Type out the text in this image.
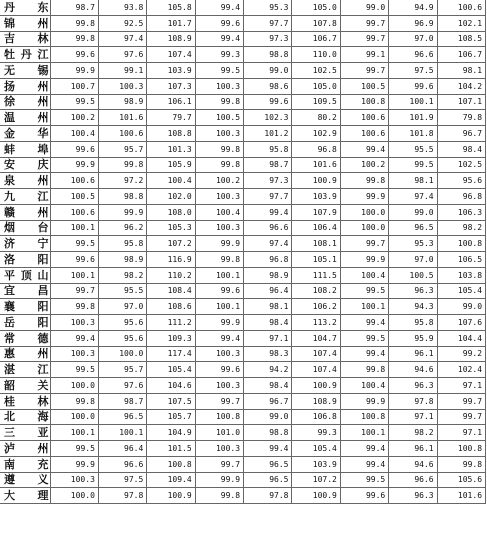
丹 东	98.7	93.8	105.8	99.4	95.3	105.0	99.0	94.9	100.6

锦 州	99.8	92.5	101.7	99.6	97.7	107.8	99.7	96.9	102.1

吉 林	99.8	97.4	108.9	99.4	97.3	106.7	99.7	97.0	108.5

牡 丹 江	99.6	97.6	107.4	99.3	98.8	110.0	99.1	96.6	106.7

无 锡	99.9	99.1	103.9	99.5	99.0	102.5	99.7	97.5	98.1

扬 州	100.7	100.3	107.3	100.3	98.6	105.0	100.5	99.6	104.2

徐 州	99.5	98.9	106.1	99.8	99.6	109.5	100.8	100.1	107.1

温 州	100.2	101.6	79.7	100.5	102.3	80.2	100.6	101.9	79.8

金 华	100.4	100.6	108.8	100.3	101.2	102.9	100.6	101.8	96.7

蚌 埠	99.6	95.7	101.3	99.8	95.8	96.8	99.4	95.5	98.4

安 庆	99.9	99.8	105.9	99.8	98.7	101.6	100.2	99.5	102.5

泉 州	100.6	97.2	100.4	100.2	97.3	100.9	99.8	98.1	95.6

九 江	100.5	98.8	102.0	100.3	97.7	103.9	99.9	97.4	96.8

赣 州	100.6	99.9	108.0	100.4	99.4	107.9	100.0	99.0	106.3

烟 台	100.1	96.2	105.3	100.3	96.6	106.4	100.0	96.5	98.2

济 宁	99.5	95.8	107.2	99.9	97.4	108.1	99.7	95.3	100.8

洛 阳	99.6	98.9	116.9	99.8	96.8	105.1	99.9	97.0	106.5

平 顶 山	100.1	98.2	110.2	100.1	98.9	111.5	100.4	100.5	103.8

宜 昌	99.7	95.5	108.4	99.6	96.4	108.2	99.5	96.3	105.4

襄 阳	99.8	97.0	108.6	100.1	98.1	106.2	100.1	94.3	99.0

岳 阳	100.3	95.6	111.2	99.9	98.4	113.2	99.4	95.8	107.6

常 德	99.4	95.6	109.3	99.4	97.1	104.7	99.5	95.9	104.4

惠 州	100.3	100.0	117.4	100.3	98.3	107.4	99.4	96.1	99.2

湛 江	99.5	95.7	105.4	99.6	94.2	107.4	99.8	94.6	102.4

韶 关	100.0	97.6	104.6	100.3	98.4	100.9	100.4	96.3	97.1

桂 林	99.8	98.7	107.5	99.7	96.7	108.9	99.9	97.8	99.7

北 海	100.0	96.5	105.7	100.8	99.0	106.8	100.8	97.1	99.7

三 亚	100.1	100.1	104.9	101.0	98.8	99.3	100.1	98.2	97.1

泸 州	99.5	96.4	101.5	100.3	99.4	105.4	99.4	96.1	100.8

南 充	99.9	96.6	100.8	99.7	96.5	103.9	99.4	94.6	99.8

遵 义	100.3	97.5	109.4	99.9	96.5	107.2	99.5	96.6	105.6

大 理	100.0	97.8	100.9	99.8	97.8	100.9	99.6	96.3	101.6
